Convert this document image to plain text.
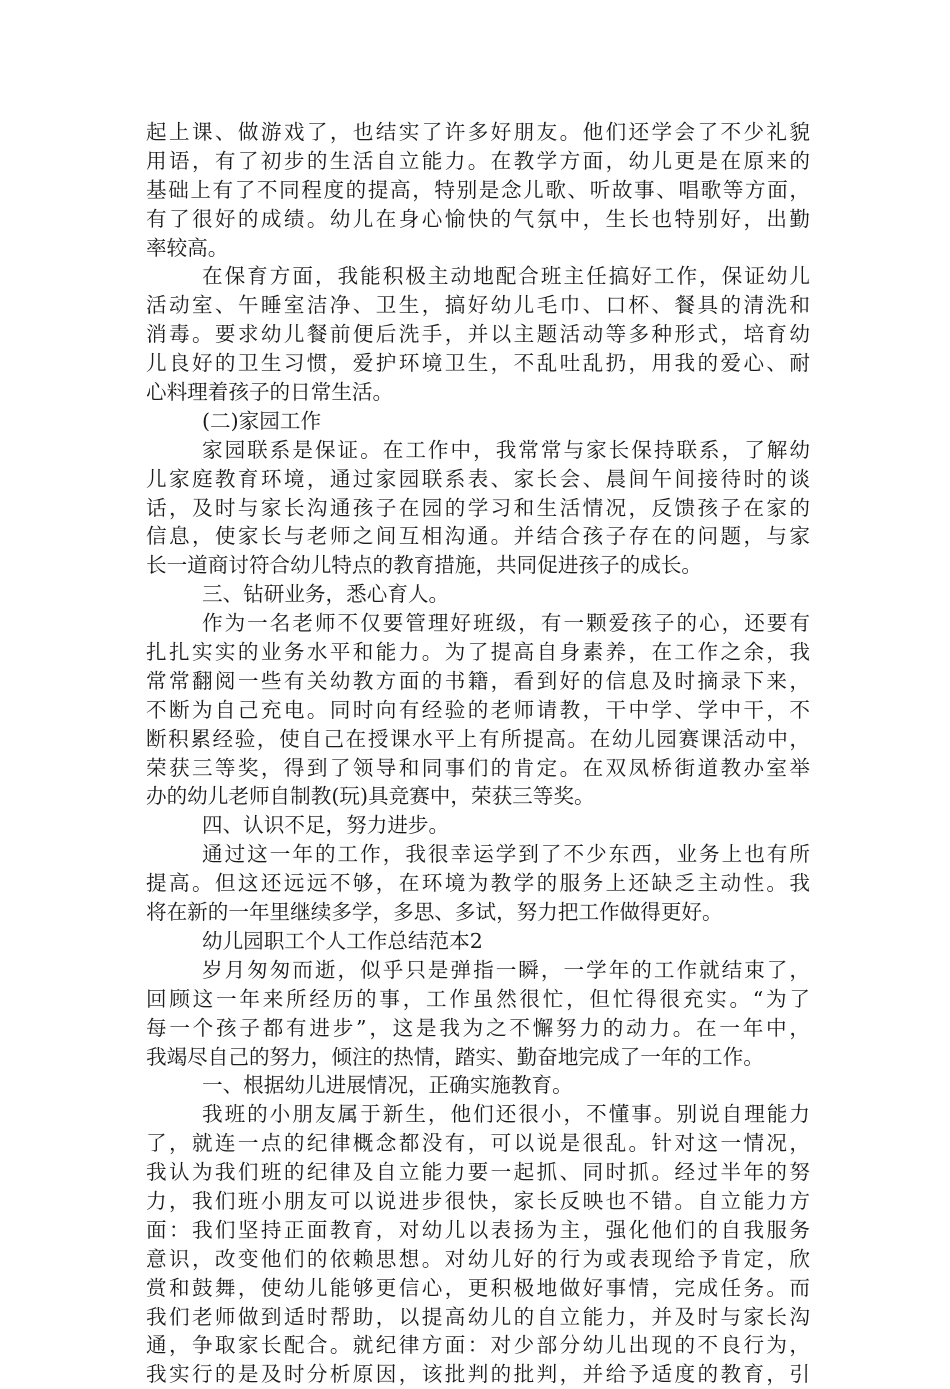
起上课、做游戏了，也结实了许多好朋友。他们还学会了不少礼貌
用语，有了初步的生活自立能力。在教学方面，幼儿更是在原来的
基础上有了不同程度的提高，特别是念儿歌、听故事、唱歌等方面，
有了很好的成绩。幼儿在身心愉快的气氛中，生长也特别好，出勤
率较高。
在保育方面，我能积极主动地配合班主任搞好工作，保证幼儿
活动室、午睡室洁净、卫生，搞好幼儿毛巾、口杯、餐具的清洗和
消毒。要求幼儿餐前便后洗手，并以主题活动等多种形式，培育幼
儿良好的卫生习惯，爱护环境卫生，不乱吐乱扔，用我的爱心、耐
心料理着孩子的日常生活。
(二)家园工作
家园联系是保证。在工作中，我常常与家长保持联系，了解幼
儿家庭教育环境，通过家园联系表、家长会、晨间午间接待时的谈
话，及时与家长沟通孩子在园的学习和生活情况，反馈孩子在家的
信息，使家长与老师之间互相沟通。并结合孩子存在的问题，与家
长一道商讨符合幼儿特点的教育措施，共同促进孩子的成长。
三、钻研业务，悉心育人。
作为一名老师不仅要管理好班级，有一颗爱孩子的心，还要有
扎扎实实的业务水平和能力。为了提高自身素养，在工作之余，我
常常翻阅一些有关幼教方面的书籍，看到好的信息及时摘录下来，
不断为自己充电。同时向有经验的老师请教，干中学、学中干，不
断积累经验，使自己在授课水平上有所提高。在幼儿园赛课活动中，
荣获三等奖，得到了领导和同事们的肯定。在双凤桥街道教办室举
办的幼儿老师自制教(玩)具竞赛中，荣获三等奖。
四、认识不足，努力进步。
通过这一年的工作，我很幸运学到了不少东西，业务上也有所
提高。但这还远远不够，在环境为教学的服务上还缺乏主动性。我
将在新的一年里继续多学，多思、多试，努力把工作做得更好。
幼儿园职工个人工作总结范本2
岁月匆匆而逝，似乎只是弹指一瞬，一学年的工作就结束了，
回顾这一年来所经历的事，工作虽然很忙，但忙得很充实。“为了
每一个孩子都有进步”，这是我为之不懈努力的动力。在一年中，
我竭尽自己的努力，倾注的热情，踏实、勤奋地完成了一年的工作。
一、根据幼儿进展情况，正确实施教育。
我班的小朋友属于新生，他们还很小，不懂事。别说自理能力
了，就连一点的纪律概念都没有，可以说是很乱。针对这一情况，
我认为我们班的纪律及自立能力要一起抓、同时抓。经过半年的努
力，我们班小朋友可以说进步很快，家长反映也不错。自立能力方
面：我们坚持正面教育，对幼儿以表扬为主，强化他们的自我服务
意识，改变他们的依赖思想。对幼儿好的行为或表现给予肯定，欣
赏和鼓舞，使幼儿能够更信心，更积极地做好事情，完成任务。而
我们老师做到适时帮助，以提高幼儿的自立能力，并及时与家长沟
通，争取家长配合。就纪律方面：对少部分幼儿出现的不良行为，
我实行的是及时分析原因，该批判的批判，并给予适度的教育，引
